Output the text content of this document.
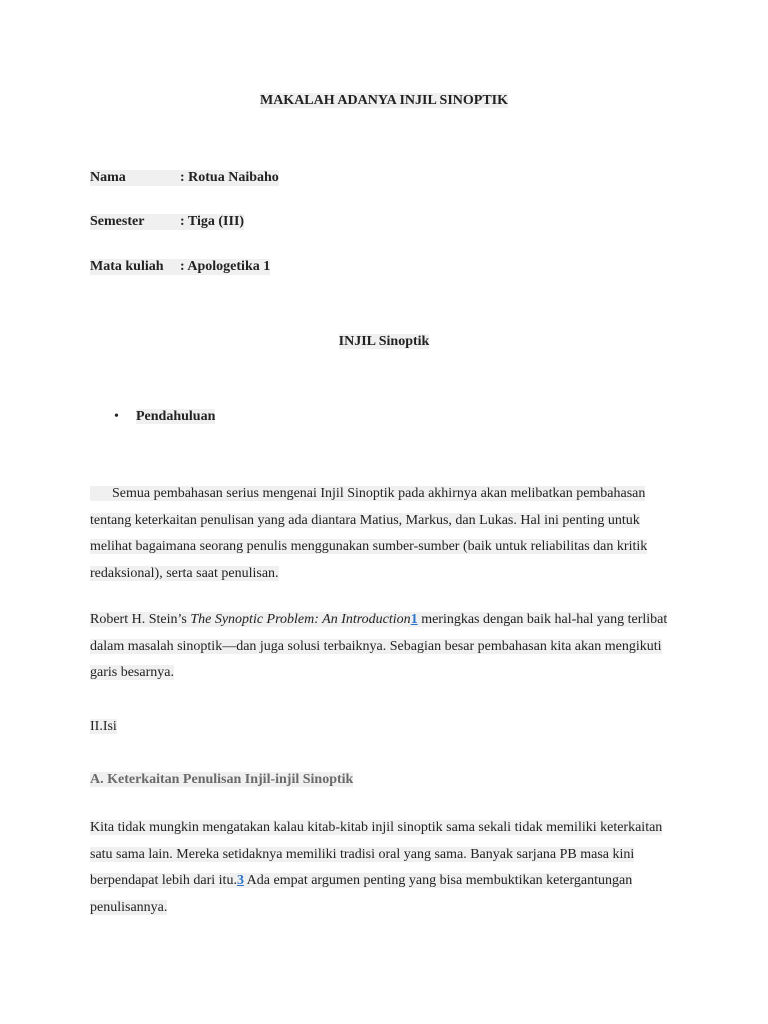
MAKALAH ADANYA INJIL SINOPTIK
Nama	: Rotua Naibaho
Semester	: Tiga (III)
Mata kuliah : Apologetika 1
INJIL Sinoptik
• Pendahuluan
Semua pembahasan serius mengenai Injil Sinoptik pada akhirnya akan melibatkan pembahasan tentang keterkaitan penulisan yang ada diantara Matius, Markus, dan Lukas. Hal ini penting untuk melihat bagaimana seorang penulis menggunakan sumber-sumber (baik untuk reliabilitas dan kritik redaksional), serta saat penulisan.
Robert H. Stein’s The Synoptic Problem: An Introduction1 meringkas dengan baik hal-hal yang terlibat dalam masalah sinoptik—dan juga solusi terbaiknya. Sebagian besar pembahasan kita akan mengikuti garis besarnya.
II.Isi
A. Keterkaitan Penulisan Injil-injil Sinoptik
Kita tidak mungkin mengatakan kalau kitab-kitab injil sinoptik sama sekali tidak memiliki keterkaitan satu sama lain. Mereka setidaknya memiliki tradisi oral yang sama. Banyak sarjana PB masa kini berpendapat lebih dari itu.3 Ada empat argumen penting yang bisa membuktikan ketergantungan penulisannya.
